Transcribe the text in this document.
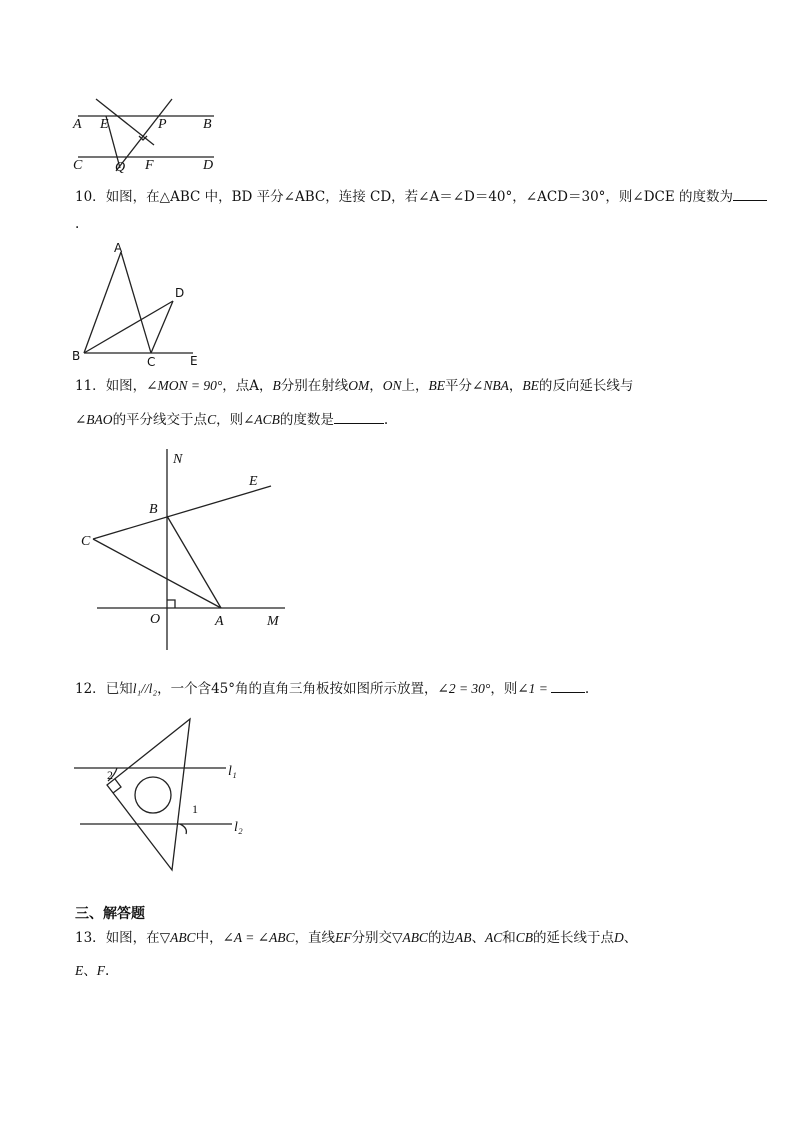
A E	P	B
C Q F	D
10．如图，在△ABC 中，BD 平分∠ABC，连接 CD，若∠A＝∠D＝40°，∠ACD＝30°，则∠DCE 的度数为
.
A
D
B	C	E
11．如图，∠MON = 90°，点A，B分别在射线OM，ON上，BE平分∠NBA，BE的反向延长线与
∠BAO的平分线交于点C，则∠ACB的度数是	.
N
E
B
C
O	A	M
12．已知l₁//l₂，一个含45°角的直角三角板按如图所示放置，∠2 = 30°，则∠1 =	.
2
1
l₁
l₂
三、解答题
13．如图，在▽ABC中，∠A = ∠ABC，直线EF分别交▽ABC的边AB、AC和CB的延长线于点D、
E、F.
